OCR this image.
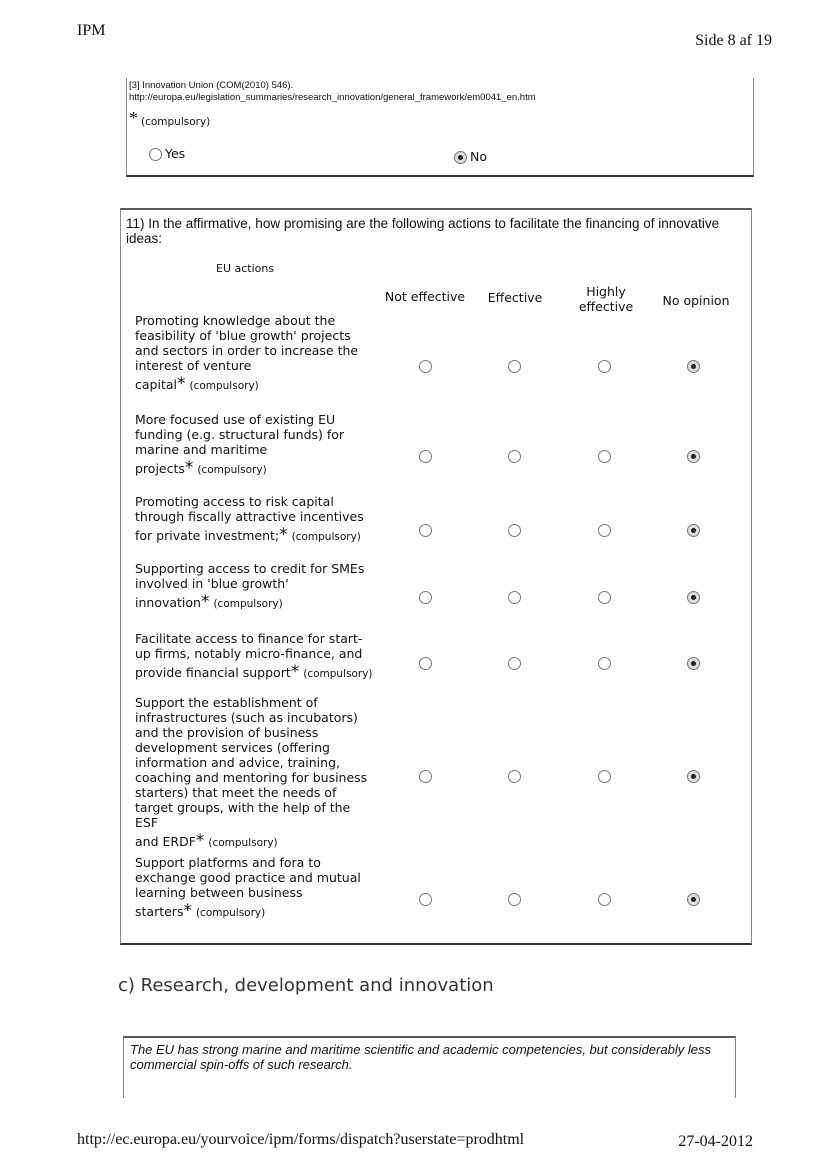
IPM
Side 8 af 19
[3] Innovation Union (COM(2010) 546).
http://europa.eu/legislation_summaries/research_innovation/general_framework/em0041_en.htm
* (compulsory)
Yes	No
11) In the affirmative, how promising are the following actions to facilitate the financing of innovative ideas:
EU actions
Not effective	Effective	Highly effective	No opinion
Promoting knowledge about the feasibility of 'blue growth' projects and sectors in order to increase the interest of venture
capital* (compulsory)
More focused use of existing EU funding (e.g. structural funds) for marine and maritime
projects* (compulsory)
Promoting access to risk capital through fiscally attractive incentives
for private investment;* (compulsory)
Supporting access to credit for SMEs involved in 'blue growth'
innovation* (compulsory)
Facilitate access to finance for start-up firms, notably micro-finance, and
provide financial support* (compulsory)
Support the establishment of infrastructures (such as incubators) and the provision of business development services (offering information and advice, training, coaching and mentoring for business starters) that meet the needs of target groups, with the help of the ESF
and ERDF* (compulsory)
Support platforms and fora to exchange good practice and mutual learning between business
starters* (compulsory)
c) Research, development and innovation
The EU has strong marine and maritime scientific and academic competencies, but considerably less commercial spin-offs of such research.
http://ec.europa.eu/yourvoice/ipm/forms/dispatch?userstate=prodhtml	27-04-2012
